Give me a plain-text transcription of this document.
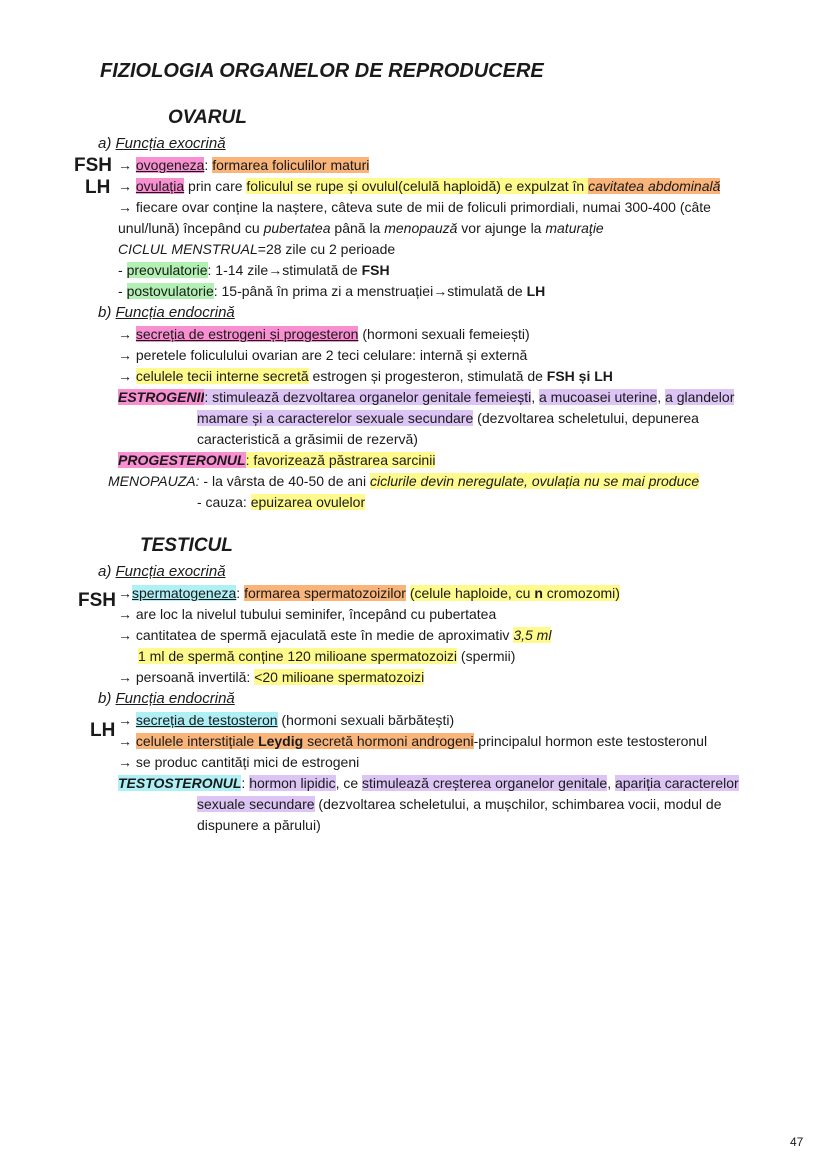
FIZIOLOGIA ORGANELOR DE REPRODUCERE
OVARUL
a) Funcția exocrină
FSH
LH
→ ovogeneza: formarea foliculilor maturi
→ ovulația prin care foliculul se rupe și ovulul(celulă haploidă) e expulzat în cavitatea abdominală
→ fiecare ovar conține la naștere, câteva sute de mii de foliculi primordiali, numai 300-400 (câte
unul/lună) începând cu pubertatea până la menopauză vor ajunge la maturaţie
CICLUL MENSTRUAL=28 zile cu 2 perioade
- preovulatorie: 1-14 zile→stimulată de FSH
- postovulatorie: 15-până în prima zi a menstruației→stimulată de LH
b) Funcția endocrină
→ secreția de estrogeni și progesteron (hormoni sexuali femeiești)
→ peretele foliculului ovarian are 2 teci celulare: internă și externă
→ celulele tecii interne secretă estrogen și progesteron, stimulată de FSH și LH
ESTROGENII: stimulează dezvoltarea organelor genitale femeiești, a mucoasei uterine, a glandelor
mamare și a caracterelor sexuale secundare (dezvoltarea scheletului, depunerea
caracteristică a grăsimii de rezervă)
PROGESTERONUL: favorizează păstrarea sarcinii
MENOPAUZA: - la vârsta de 40-50 de ani ciclurile devin neregulate, ovulația nu se mai produce
- cauza: epuizarea ovulelor
TESTICUL
a) Funcția exocrină
FSH →spermatogeneza: formarea spermatozoizilor (celule haploide, cu n cromozomi)
→ are loc la nivelul tubului seminifer, începând cu pubertatea
→ cantitatea de spermă ejaculată este în medie de aproximativ 3,5 ml
1 ml de spermă conține 120 milioane spermatozoizi (spermii)
→ persoană invertilă: <20 milioane spermatozoizi
b) Funcția endocrină
LH → secreția de testosteron (hormoni sexuali bărbătești)
→ celulele interstițiale Leydig secretă hormoni androgeni-principalul hormon este testosteronul
→ se produc cantități mici de estrogeni
TESTOSTERONUL: hormon lipidic, ce stimulează creșterea organelor genitale, apariția caracterelor
sexuale secundare (dezvoltarea scheletului, a mușchilor, schimbarea vocii, modul de
dispunere a părului)
47
